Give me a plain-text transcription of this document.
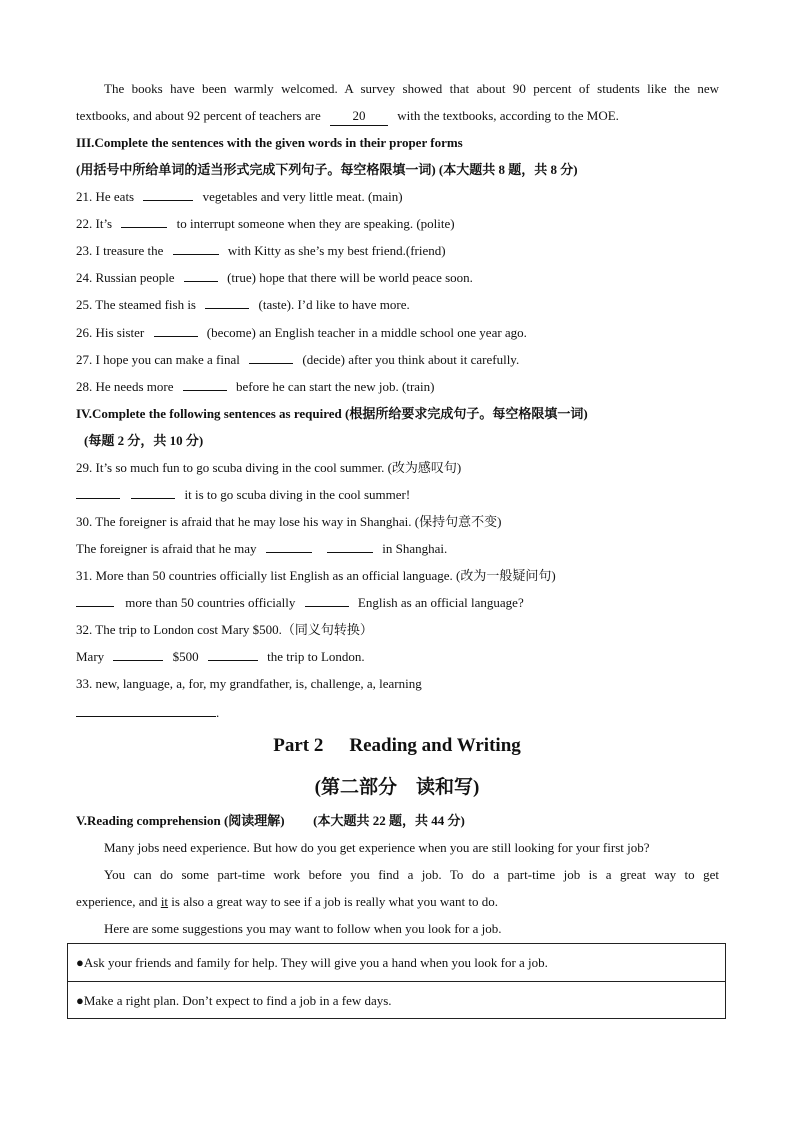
The books have been warmly welcomed. A survey showed that about 90 percent of students like the new
textbooks, and about 92 percent of teachers are 20 with the textbooks, according to the MOE.
III.Complete the sentences with the given words in their proper forms
(用括号中所给单词的适当形式完成下列句子。每空格限填一词) (本大题共 8 题，共 8 分)
21. He eats	vegetables and very little meat. (main)
22. It’s	to interrupt someone when they are speaking. (polite)
23. I treasure the	with Kitty as she’s my best friend.(friend)
24. Russian people	(true) hope that there will be world peace soon.
25. The steamed fish is	(taste). I’d like to have more.
26. His sister	(become) an English teacher in a middle school one year ago.
27. I hope you can make a final	(decide) after you think about it carefully.
28. He needs more	before he can start the new job. (train)
IV.Complete the following sentences as required (根据所给要求完成句子。每空格限填一词)
(每题 2 分，共 10 分)
29. It’s so much fun to go scuba diving in the cool summer. (改为感叹句)
it is to go scuba diving in the cool summer!
30. The foreigner is afraid that he may lose his way in Shanghai. (保持句意不变)
The foreigner is afraid that he may	in Shanghai.
31. More than 50 countries officially list English as an official language. (改为一般疑问句)
more than 50 countries officially	English as an official language?
32. The trip to London cost Mary $500.（同义句转换）
Mary	$500	the trip to London.
33. new, language, a, for, my grandfather, is, challenge, a, learning
.
Part 2 Reading and Writing
(第二部分　读和写)
V.Reading comprehension (阅读理解) (本大题共 22 题，共 44 分)
Many jobs need experience. But how do you get experience when you are still looking for your first job?
You can do some part-time work before you find a job. To do a part-time job is a great way to get
experience, and it is also a great way to see if a job is really what you want to do.
Here are some suggestions you may want to follow when you look for a job.
●Ask your friends and family for help. They will give you a hand when you look for a job.
●Make a right plan. Don’t expect to find a job in a few days.
